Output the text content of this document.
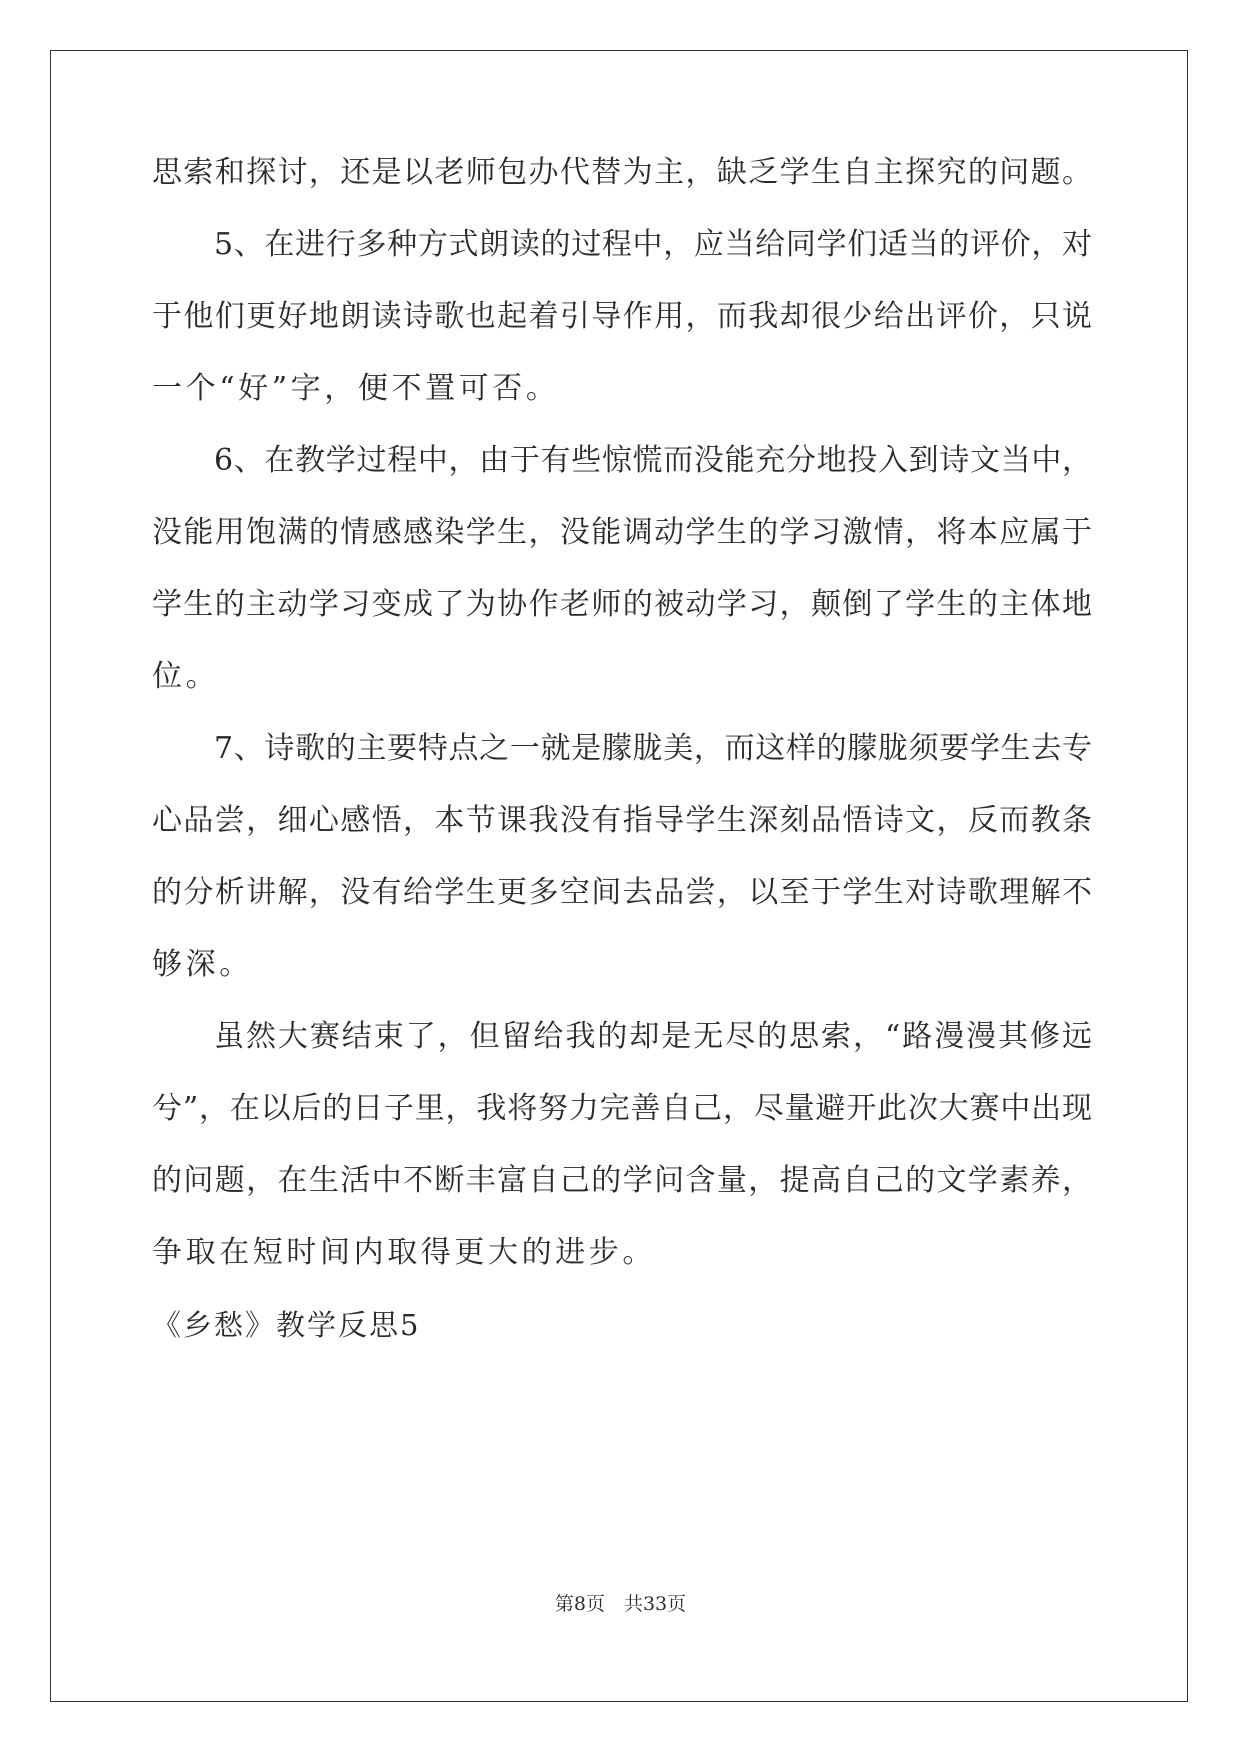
思索和探讨，还是以老师包办代替为主，缺乏学生自主探究的问题。
5、在进行多种方式朗读的过程中，应当给同学们适当的评价，对
于他们更好地朗读诗歌也起着引导作用，而我却很少给出评价，只说
一个“好”字，便不置可否。
6、在教学过程中，由于有些惊慌而没能充分地投入到诗文当中，
没能用饱满的情感感染学生，没能调动学生的学习激情，将本应属于
学生的主动学习变成了为协作老师的被动学习，颠倒了学生的主体地
位。
7、诗歌的主要特点之一就是朦胧美，而这样的朦胧须要学生去专
心品尝，细心感悟，本节课我没有指导学生深刻品悟诗文，反而教条
的分析讲解，没有给学生更多空间去品尝，以至于学生对诗歌理解不
够深。
虽然大赛结束了，但留给我的却是无尽的思索，“路漫漫其修远
兮”，在以后的日子里，我将努力完善自己，尽量避开此次大赛中出现
的问题，在生活中不断丰富自己的学问含量，提高自己的文学素养，
争取在短时间内取得更大的进步。
《乡愁》教学反思5
第8页　共33页
